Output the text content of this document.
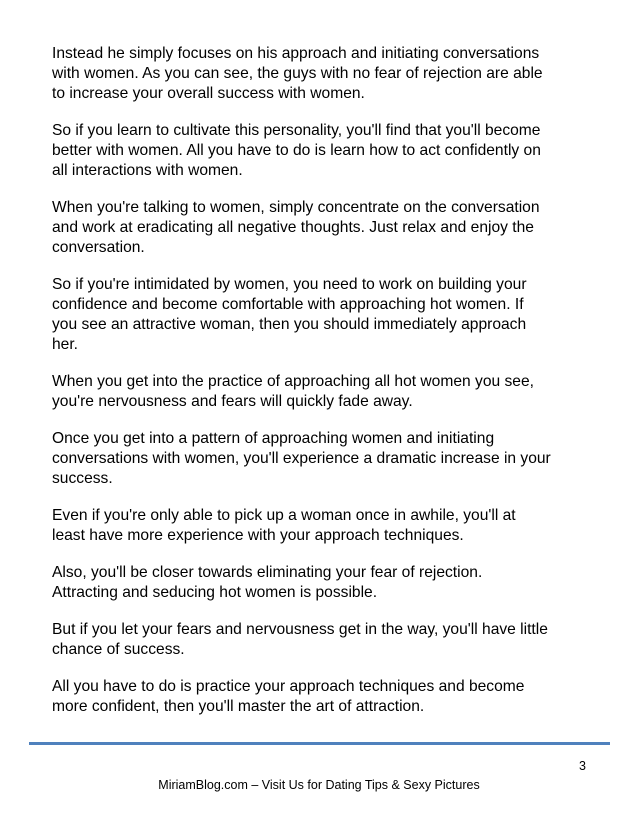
Instead he simply focuses on his approach and initiating conversations
with women. As you can see, the guys with no fear of rejection are able
to increase your overall success with women.

So if you learn to cultivate this personality, you'll find that you'll become
better with women. All you have to do is learn how to act confidently on
all interactions with women.

When you're talking to women, simply concentrate on the conversation
and work at eradicating all negative thoughts. Just relax and enjoy the
conversation.

So if you're intimidated by women, you need to work on building your
confidence and become comfortable with approaching hot women. If
you see an attractive woman, then you should immediately approach
her.

When you get into the practice of approaching all hot women you see,
you're nervousness and fears will quickly fade away.

Once you get into a pattern of approaching women and initiating
conversations with women, you'll experience a dramatic increase in your
success.

Even if you're only able to pick up a woman once in awhile, you'll at
least have more experience with your approach techniques.

Also, you'll be closer towards eliminating your fear of rejection.
Attracting and seducing hot women is possible.

But if you let your fears and nervousness get in the way, you'll have little
chance of success.

All you have to do is practice your approach techniques and become
more confident, then you'll master the art of attraction.

3
MiriamBlog.com – Visit Us for Dating Tips & Sexy Pictures
